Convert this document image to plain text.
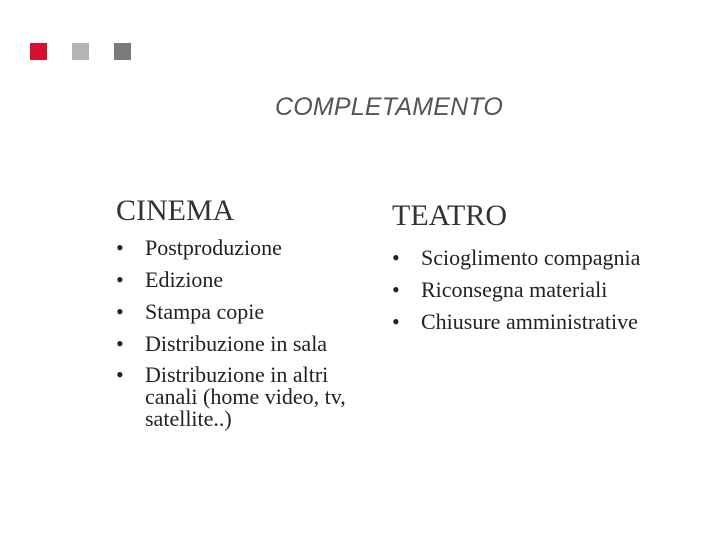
COMPLETAMENTO
CINEMA
• Postproduzione
• Edizione
• Stampa copie
• Distribuzione in sala
• Distribuzione in altri canali (home video, tv, satellite..)
TEATRO
• Scioglimento compagnia
• Riconsegna materiali
• Chiusure amministrative
